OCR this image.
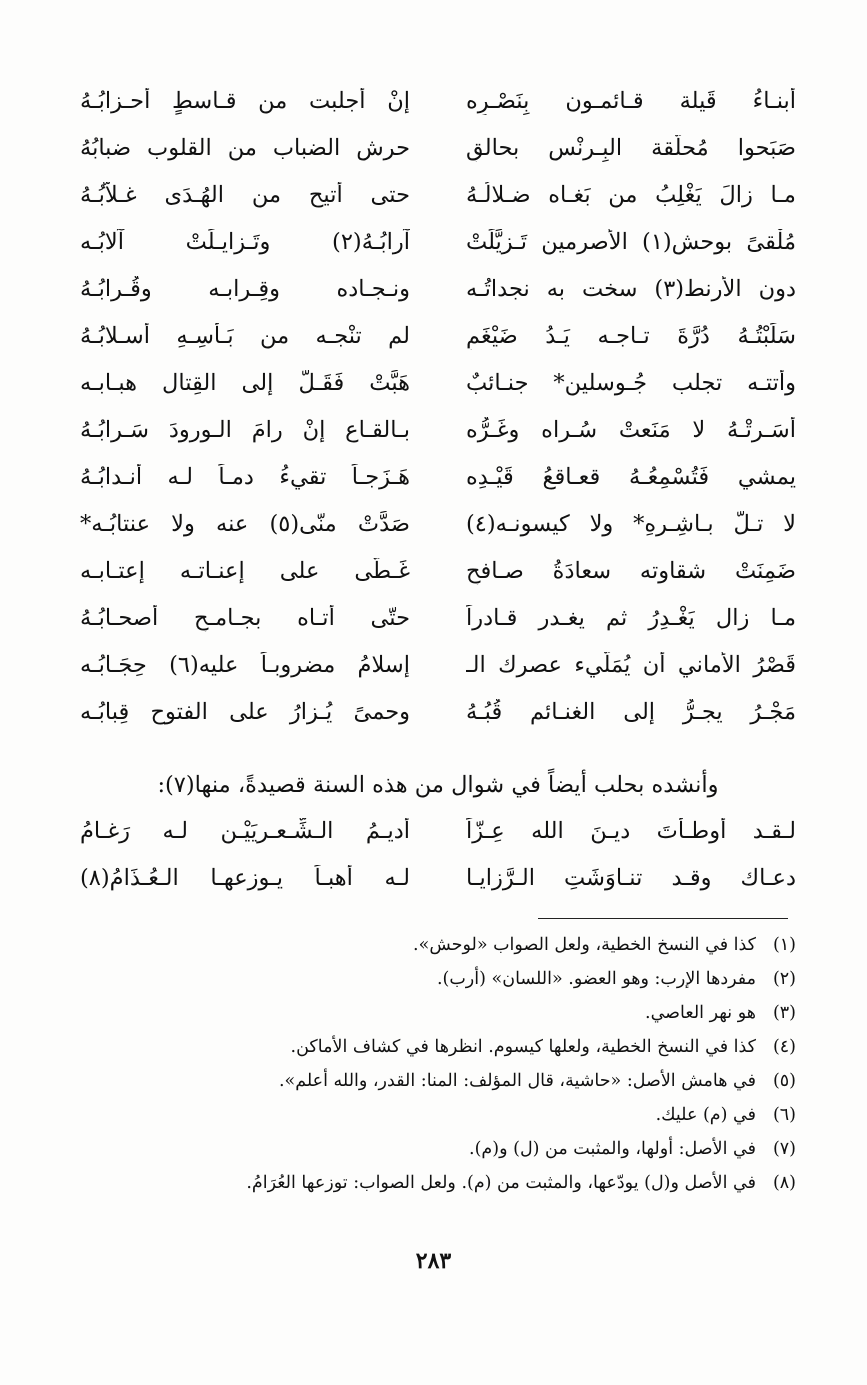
أبنـاءُ قَيلة قـائمـون بِنَصْـرِه
إنْ أجلبت من قـاسطٍ أحـزابُـهُ
صَبَحوا مُحلَّقة البِـرنْس بحالقٍ
حرش الضباب من القلوب ضبابُهُ
مـا زالَ يَغْلِبُ من بَغـاه ضـلالُـهُ
حتى أُتيح من الهُـدَى غـلاَّبُـهُ
مُلْقىً بوحش(١) الأصرمين تَـزيَّلَتْ
آرابُـهُ(٢) وتَـزايـلَتْ آلابُـه
دون الأُرنط(٣) سخت به نجداتُـه
ونـجـاده وقِـرابـه وقُـرابُـهُ
سَلَبْتُـهُ دُرَّةَ تـاجـه يَـدُ ضَيْغَمٍ
لم تنْجـه من بَـأْسِـهِ أسـلابُـهُ
وأتتـه تجلب جُـوسلين* جنـائبٌ
هَبَّتْ فَقَـلَّ إلى القِتال هبـابـه
أسَـرتْـهُ لا مَنَعتْ سُـراه وغَـرُّه
بـالقـاع إنْ رامَ الـورودَ سَـرابُـهُ
يمشي فَتُسْمِعُـهُ قعـاقعُ قَيْـدِه
هَـزَجـاً تقيءُ دمـاً لـه أنـدابُـهُ
لا تـلّ بـاشِـرهِ* ولا كيسونـه(٤)
صَدَّتْ منّى(٥) عنه ولا عنتابُـه*
ضَمِنَتْ شقاوته سعادَةُ صـافحٍ
غَـطَّى على إعنـاتـه إعتـابـه
مـا زال يَغْـدِرُ ثم يغـدر قـادراً
حتّى أتـاه بجـامـحٍ أصحـابُـهُ
قَصْرُ الأماني أن يُمَلّيء عصرك الـ
إسلامُ مضروبـاً عليه(٦) حِجَـابُـه
مَجْـرُ يجـرُّ إلى الغنـائم قُبُـهُ
وحمىً يُـزارُ على الفتوحِ قِبابُـه
وأنشده بحلب أيضاً في شوال من هذه السنة قصيدةً، منها(٧):
لـقـد أوطـأتَ ديـنَ الله عِـزّاً
أديـمُ الـشِّـعـريَيْـنِ لـه رَغـامُ
دعـاك وقـد تنـاوَشَتِ الـرَّزايـا
لـه أهبـاً يـوزعهـا الـعُـذَامُ(٨)
(١)
كذا في النسخ الخطية، ولعل الصواب «لوحش».
(٢)
مفردها الإرب: وهو العضو. «اللسان» (أرب).
(٣)
هو نهر العاصي.
(٤)
كذا في النسخ الخطية، ولعلها كيسوم. انظرها في كشاف الأماكن.
(٥)
في هامش الأصل: «حاشية، قال المؤلف: المنا: القدر، والله أعلم».
(٦)
في (م) عليك.
(٧)
في الأصل: أولها، والمثبت من (ل) و(م).
(٨)
في الأصل و(ل) يودّعها، والمثبت من (م). ولعل الصواب: توزعها العُرَامُ.
٢٨٣
